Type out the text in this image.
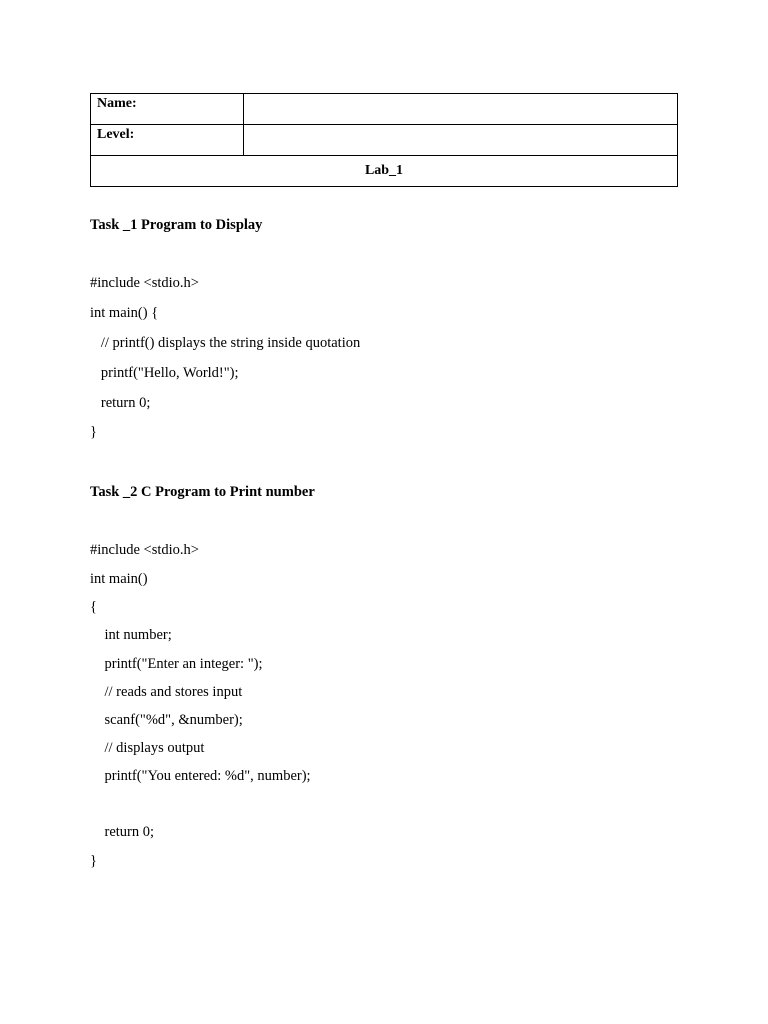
Name:	
Level:	
Lab_1	
Task _1 Program to Display
#include <stdio.h>
int main() {
// printf() displays the string inside quotation
printf("Hello, World!");
return 0;
}
Task _2 C Program to Print number
#include <stdio.h>
int main()
{
int number;
printf("Enter an integer: ");
// reads and stores input
scanf("%d", &number);
// displays output
printf("You entered: %d", number);
return 0;
}
